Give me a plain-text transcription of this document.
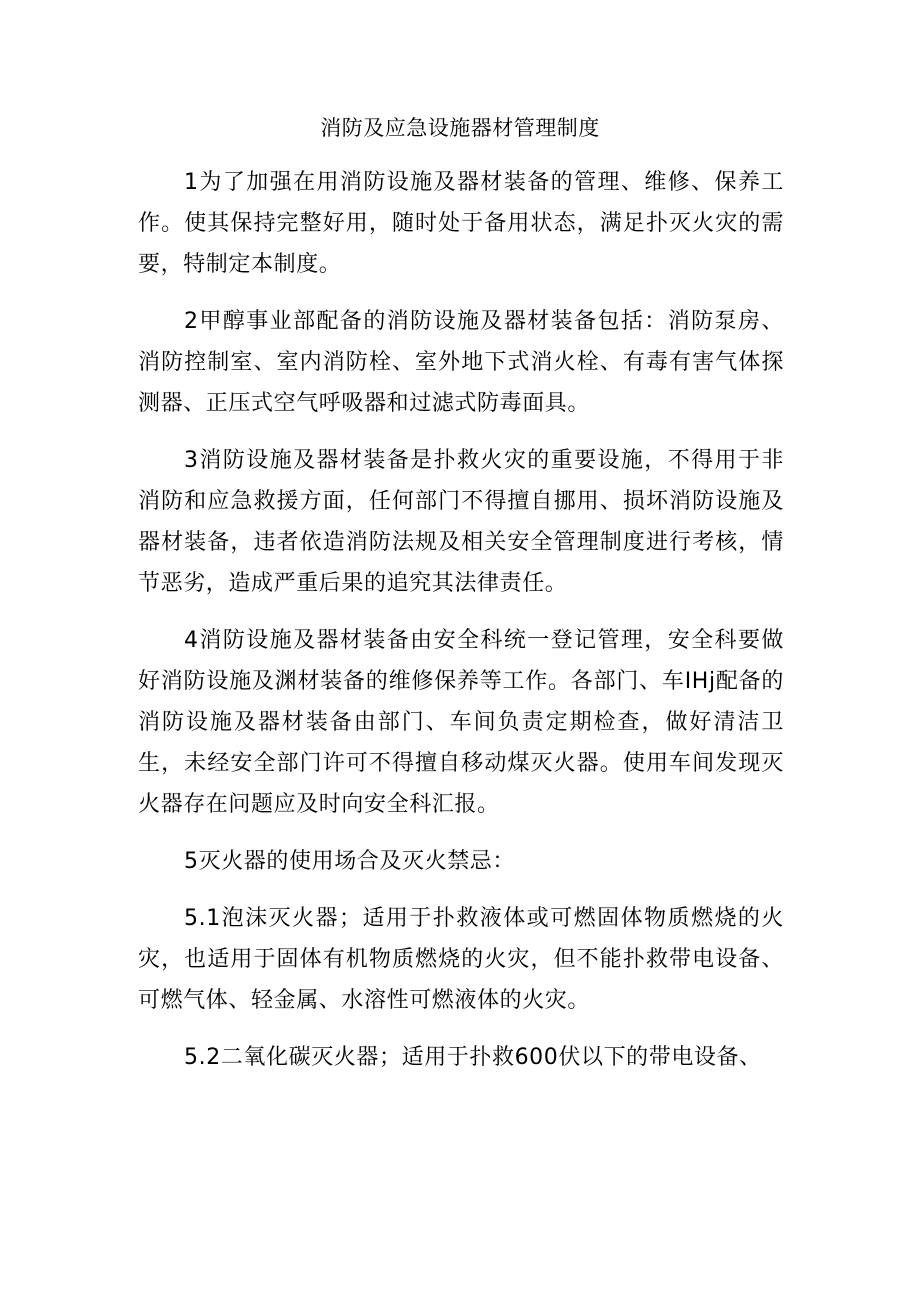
消防及应急设施器材管理制度

1为了加强在用消防设施及器材装备的管理、维修、保养工作。使其保持完整好用，随时处于备用状态，满足扑灭火灾的需要，特制定本制度。

2甲醇事业部配备的消防设施及器材装备包括：消防泵房、消防控制室、室内消防栓、室外地下式消火栓、有毒有害气体探测器、正压式空气呼吸器和过滤式防毒面具。

3消防设施及器材装备是扑救火灾的重要设施，不得用于非消防和应急救援方面，任何部门不得擅自挪用、损坏消防设施及器材装备，违者依造消防法规及相关安全管理制度进行考核，情节恶劣，造成严重后果的追究其法律责任。

4消防设施及器材装备由安全科统一登记管理，安全科要做好消防设施及渊材装备的维修保养等工作。各部门、车IHj配备的消防设施及器材装备由部门、车间负责定期检查，做好清洁卫生，未经安全部门许可不得擅自移动煤灭火器。使用车间发现灭火器存在问题应及时向安全科汇报。

5灭火器的使用场合及灭火禁忌：

5.1泡沫灭火器；适用于扑救液体或可燃固体物质燃烧的火灾，也适用于固体有机物质燃烧的火灾，但不能扑救带电设备、可燃气体、轻金属、水溶性可燃液体的火灾。

5.2二氧化碳灭火器；适用于扑救600伏以下的带电设备、
